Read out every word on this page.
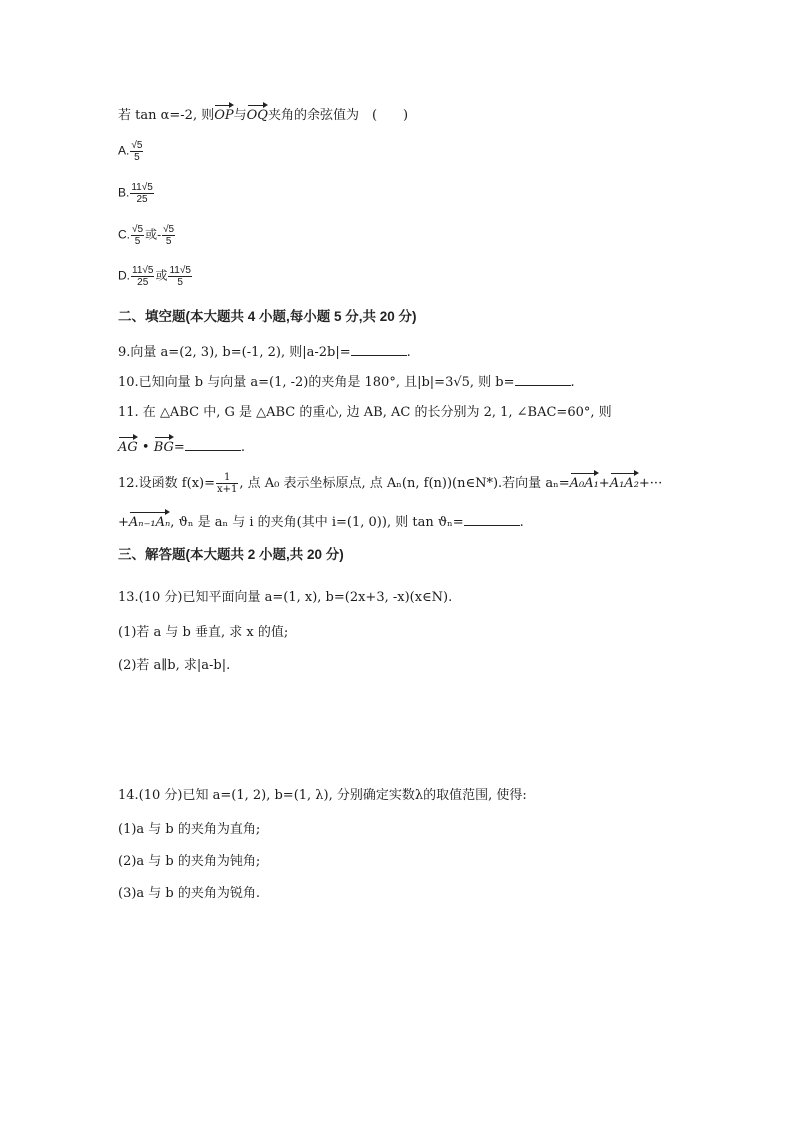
若 tan α=-2, 则OP与OQ夹角的余弦值为　(　　)
A. $\frac{√5}{5}$
B. $\frac{11√5}{25}$
C. $\frac{√5}{5}$ 或- $\frac{√5}{5}$
D. $\frac{11√5}{25}$ 或 $\frac{11√5}{5}$
二、填空题(本大题共 4 小题,每小题 5 分,共 20 分)
9.向量 a=(2, 3), b=(-1, 2), 则|a-2b|=	.
10.已知向量 b 与向量 a=(1, -2)的夹角是 180°, 且|b|=3√5, 则 b=	.
11. 在 △ABC 中, G 是 △ABC 的重心, 边 AB, AC 的长分别为 2, 1, ∠BAC=60°, 则
AG • BG=	.
12.设函数 $f(x)= \frac{1}{x+1}$ , 点 A₀ 表示坐标原点, 点 Aₙ(n, f(n))(n∈N*).若向量 aₙ=A₀A₁+A₁A₂+···
+Aₙ₋₁Aₙ, ϑₙ 是 aₙ 与 i 的夹角(其中 i=(1, 0)), 则 tan ϑₙ=	.
三、解答题(本大题共 2 小题,共 20 分)
13.(10 分)已知平面向量 a=(1, x), b=(2x+3, -x)(x∈N).
(1)若 a 与 b 垂直, 求 x 的值;
(2)若 a∥b, 求|a-b|.
14.(10 分)已知 a=(1, 2), b=(1, λ), 分别确定实数λ的取值范围, 使得:
(1)a 与 b 的夹角为直角;
(2)a 与 b 的夹角为钝角;
(3)a 与 b 的夹角为锐角.
